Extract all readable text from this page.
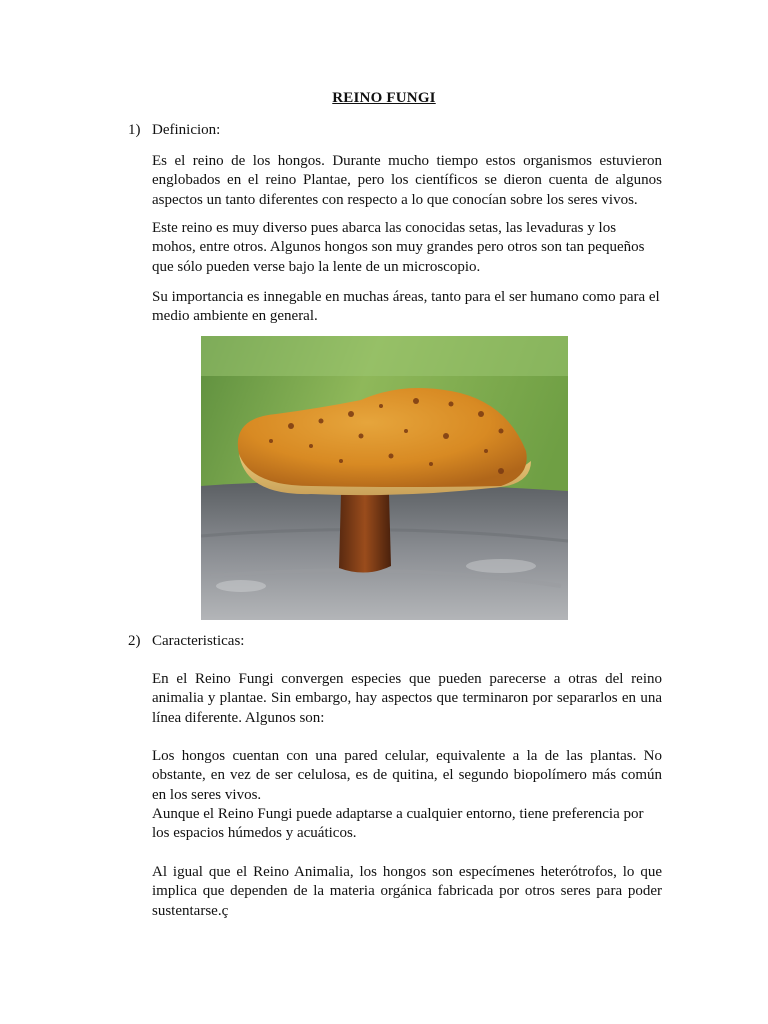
REINO FUNGI
1) Definicion:

Es el reino de los hongos. Durante mucho tiempo estos organismos estuvieron englobados en el reino Plantae, pero los científicos se dieron cuenta de algunos aspectos un tanto diferentes con respecto a lo que conocían sobre los seres vivos.

Este reino es muy diverso pues abarca las conocidas setas, las levaduras y los mohos, entre otros. Algunos hongos son muy grandes pero otros son tan pequeños que sólo pueden verse bajo la lente de un microscopio.

Su importancia es innegable en muchas áreas, tanto para el ser humano como para el medio ambiente en general.

2) Caracteristicas:

En el Reino Fungi convergen especies que pueden parecerse a otras del reino animalia y plantae. Sin embargo, hay aspectos que terminaron por separarlos en una línea diferente. Algunos son:

Los hongos cuentan con una pared celular, equivalente a la de las plantas. No obstante, en vez de ser celulosa, es de quitina, el segundo biopolímero más común en los seres vivos.

Aunque el Reino Fungi puede adaptarse a cualquier entorno, tiene preferencia por los espacios húmedos y acuáticos.

Al igual que el Reino Animalia, los hongos son especímenes heterótrofos, lo que implica que dependen de la materia orgánica fabricada por otros seres para poder sustentarse.ç
